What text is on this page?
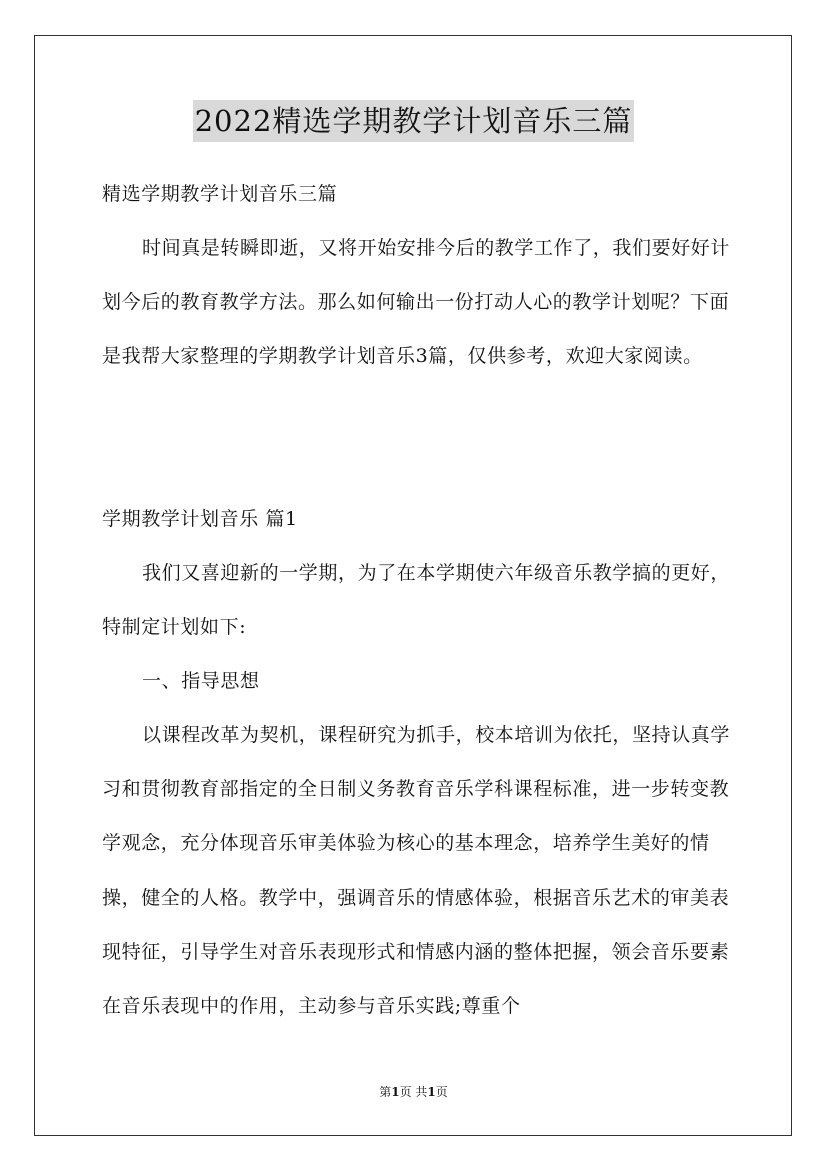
2022精选学期教学计划音乐三篇
精选学期教学计划音乐三篇
时间真是转瞬即逝，又将开始安排今后的教学工作了，我们要好好计划今后的教育教学方法。那么如何输出一份打动人心的教学计划呢？下面是我帮大家整理的学期教学计划音乐3篇，仅供参考，欢迎大家阅读。
学期教学计划音乐 篇1
我们又喜迎新的一学期，为了在本学期使六年级音乐教学搞的更好，特制定计划如下:
一、指导思想
以课程改革为契机，课程研究为抓手，校本培训为依托，坚持认真学习和贯彻教育部指定的全日制义务教育音乐学科课程标准，进一步转变教学观念，充分体现音乐审美体验为核心的基本理念，培养学生美好的情操，健全的人格。教学中，强调音乐的情感体验，根据音乐艺术的审美表现特征，引导学生对音乐表现形式和情感内涵的整体把握，领会音乐要素在音乐表现中的作用，主动参与音乐实践;尊重个
第1页 共1页
